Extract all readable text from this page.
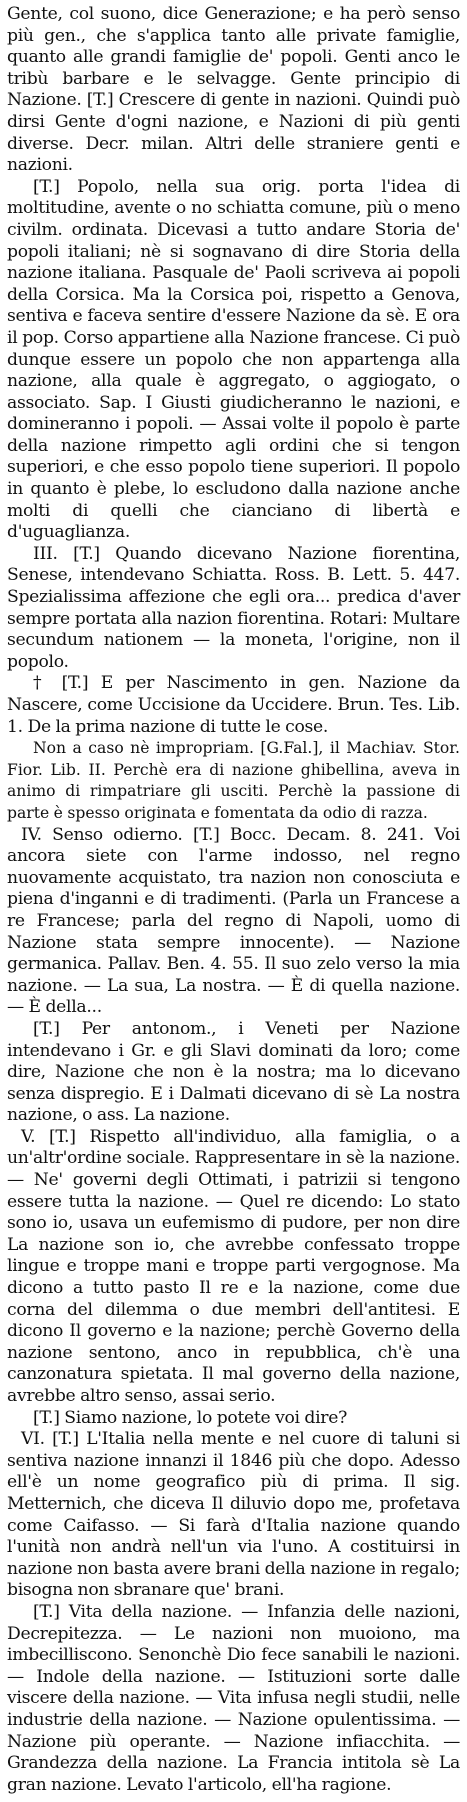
Gente, col suono, dice Generazione; e ha però senso più gen., che s'applica tanto alle private famiglie, quanto alle grandi famiglie de' popoli. Genti anco le tribù barbare e le selvagge. Gente principio di Nazione. [T.] Crescere di gente in nazioni. Quindi può dirsi Gente d'ogni nazione, e Nazioni di più genti diverse. Decr. milan. Altri delle straniere genti e nazioni.

[T.] Popolo, nella sua orig. porta l'idea di moltitudine, avente o no schiatta comune, più o meno civilm. ordinata. Dicevasi a tutto andare Storia de' popoli italiani; nè si sognavano di dire Storia della nazione italiana. Pasquale de' Paoli scriveva ai popoli della Corsica. Ma la Corsica poi, rispetto a Genova, sentiva e faceva sentire d'essere Nazione da sè. E ora il pop. Corso appartiene alla Nazione francese. Ci può dunque essere un popolo che non appartenga alla nazione, alla quale è aggregato, o aggiogato, o associato. Sap. I Giusti giudicheranno le nazioni, e domineranno i popoli. — Assai volte il popolo è parte della nazione rimpetto agli ordini che si tengon superiori, e che esso popolo tiene superiori. Il popolo in quanto è plebe, lo escludono dalla nazione anche molti di quelli che cianciano di libertà e d'uguaglianza.

III. [T.] Quando dicevano Nazione fiorentina, Senese, intendevano Schiatta. Ross. B. Lett. 5. 447. Spezialissima affezione che egli ora... predica d'aver sempre portata alla nazion fiorentina. Rotari: Multare secundum nationem — la moneta, l'origine, non il popolo.

† [T.] E per Nascimento in gen. Nazione da Nascere, come Uccisione da Uccidere. Brun. Tes. Lib. 1. De la prima nazione di tutte le cose.

Non a caso nè impropriam. [G.Fal.], il Machiav. Stor. Fior. Lib. II. Perchè era di nazione ghibellina, aveva in animo di rimpatriare gli usciti. Perchè la passione di parte è spesso originata e fomentata da odio di razza.

IV. Senso odierno. [T.] Bocc. Decam. 8. 241. Voi ancora siete con l'arme indosso, nel regno nuovamente acquistato, tra nazion non conosciuta e piena d'inganni e di tradimenti. (Parla un Francese a re Francese; parla del regno di Napoli, uomo di Nazione stata sempre innocente). — Nazione germanica. Pallav. Ben. 4. 55. Il suo zelo verso la mia nazione. — La sua, La nostra. — È di quella nazione. — È della...

[T.] Per antonom., i Veneti per Nazione intendevano i Gr. e gli Slavi dominati da loro; come dire, Nazione che non è la nostra; ma lo dicevano senza dispregio. E i Dalmati dicevano di sè La nostra nazione, o ass. La nazione.

V. [T.] Rispetto all'individuo, alla famiglia, o a un'altr'ordine sociale. Rappresentare in sè la nazione. — Ne' governi degli Ottimati, i patrizii si tengono essere tutta la nazione. — Quel re dicendo: Lo stato sono io, usava un eufemismo di pudore, per non dire La nazione son io, che avrebbe confessato troppe lingue e troppe mani e troppe parti vergognose. Ma dicono a tutto pasto Il re e la nazione, come due corna del dilemma o due membri dell'antitesi. E dicono Il governo e la nazione; perchè Governo della nazione sentono, anco in repubblica, ch'è una canzonatura spietata. Il mal governo della nazione, avrebbe altro senso, assai serio.

[T.] Siamo nazione, lo potete voi dire?

VI. [T.] L'Italia nella mente e nel cuore di taluni si sentiva nazione innanzi il 1846 più che dopo. Adesso ell'è un nome geografico più di prima. Il sig. Metternich, che diceva Il diluvio dopo me, profetava come Caifasso. — Si farà d'Italia nazione quando l'unità non andrà nell'un via l'uno. A costituirsi in nazione non basta avere brani della nazione in regalo; bisogna non sbranare que' brani.

[T.] Vita della nazione. — Infanzia delle nazioni, Decrepitezza. — Le nazioni non muoiono, ma imbecilliscono. Senonchè Dio fece sanabili le nazioni. — Indole della nazione. — Istituzioni sorte dalle viscere della nazione. — Vita infusa negli studii, nelle industrie della nazione. — Nazione opulentissima. — Nazione più operante. — Nazione infiacchita. — Grandezza della nazione. La Francia intitola sè La gran nazione. Levato l'articolo, ell'ha ragione.
